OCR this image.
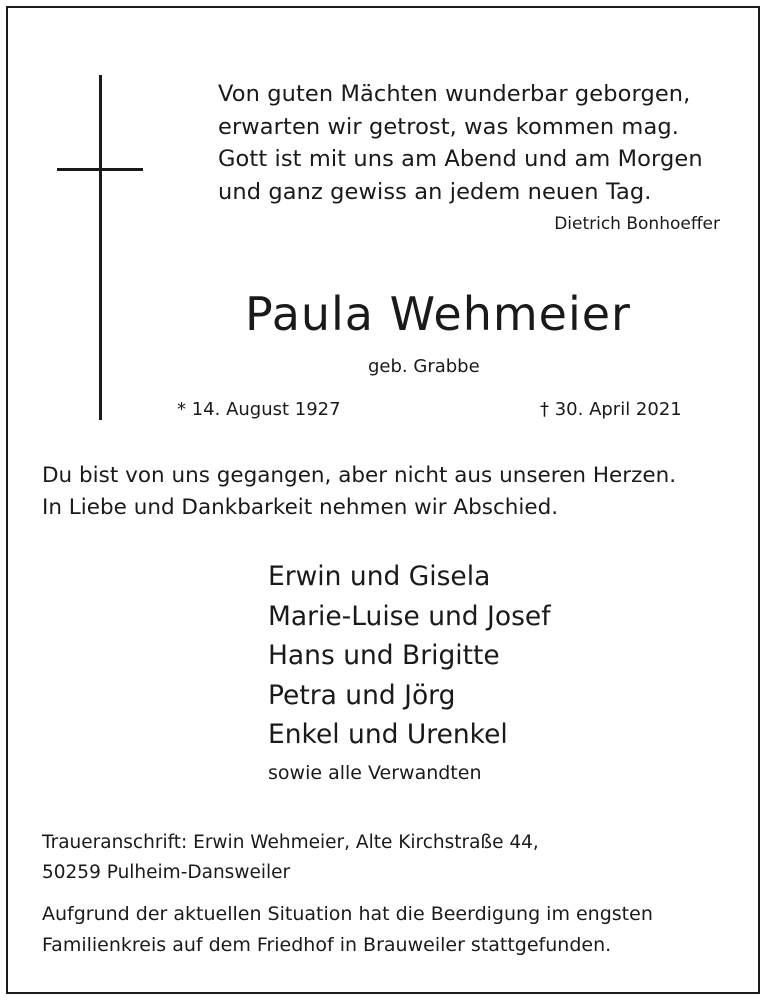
Von guten Mächten wunderbar geborgen,
erwarten wir getrost, was kommen mag.
Gott ist mit uns am Abend und am Morgen
und ganz gewiss an jedem neuen Tag.
Dietrich Bonhoeffer
Paula Wehmeier
geb. Grabbe
* 14. August 1927	† 30. April 2021
Du bist von uns gegangen, aber nicht aus unseren Herzen.
In Liebe und Dankbarkeit nehmen wir Abschied.
Erwin und Gisela
Marie-Luise und Josef
Hans und Brigitte
Petra und Jörg
Enkel und Urenkel
sowie alle Verwandten
Traueranschrift: Erwin Wehmeier, Alte Kirchstraße 44,
50259 Pulheim-Dansweiler
Aufgrund der aktuellen Situation hat die Beerdigung im engsten
Familienkreis auf dem Friedhof in Brauweiler stattgefunden.
